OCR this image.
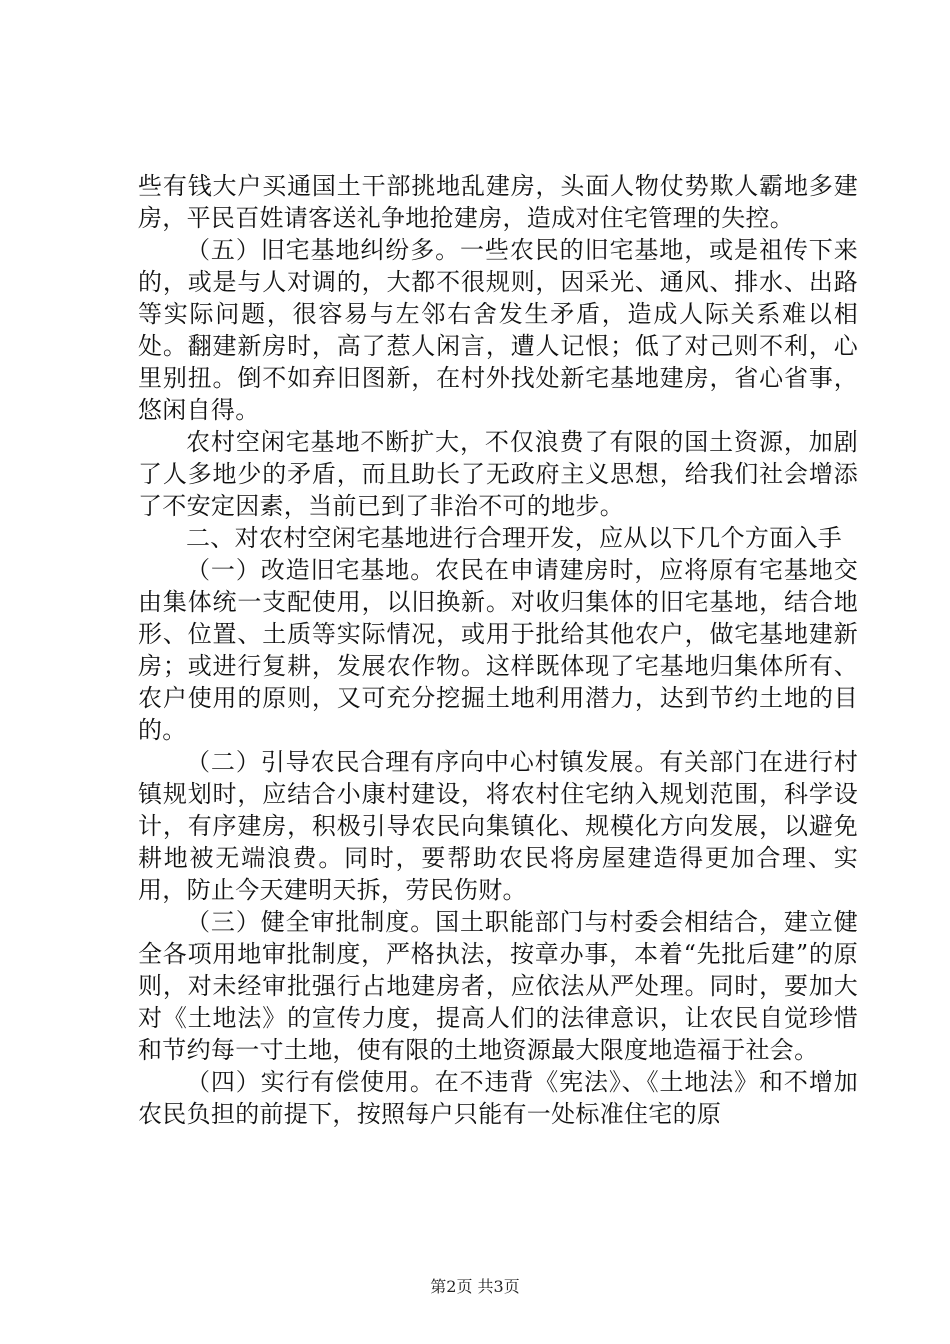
些有钱大户买通国土干部挑地乱建房，头面人物仗势欺人霸地多建房，平民百姓请客送礼争地抢建房，造成对住宅管理的失控。

（五）旧宅基地纠纷多。一些农民的旧宅基地，或是祖传下来的，或是与人对调的，大都不很规则，因采光、通风、排水、出路等实际问题，很容易与左邻右舍发生矛盾，造成人际关系难以相处。翻建新房时，高了惹人闲言，遭人记恨；低了对己则不利，心里别扭。倒不如弃旧图新，在村外找处新宅基地建房，省心省事，悠闲自得。

农村空闲宅基地不断扩大，不仅浪费了有限的国土资源，加剧了人多地少的矛盾，而且助长了无政府主义思想，给我们社会增添了不安定因素，当前已到了非治不可的地步。

二、对农村空闲宅基地进行合理开发，应从以下几个方面入手

（一）改造旧宅基地。农民在申请建房时，应将原有宅基地交由集体统一支配使用，以旧换新。对收归集体的旧宅基地，结合地形、位置、土质等实际情况，或用于批给其他农户，做宅基地建新房；或进行复耕，发展农作物。这样既体现了宅基地归集体所有、农户使用的原则，又可充分挖掘土地利用潜力，达到节约土地的目的。

（二）引导农民合理有序向中心村镇发展。有关部门在进行村镇规划时，应结合小康村建设，将农村住宅纳入规划范围，科学设计，有序建房，积极引导农民向集镇化、规模化方向发展，以避免耕地被无端浪费。同时，要帮助农民将房屋建造得更加合理、实用，防止今天建明天拆，劳民伤财。

（三）健全审批制度。国土职能部门与村委会相结合，建立健全各项用地审批制度，严格执法，按章办事，本着“先批后建”的原则，对未经审批强行占地建房者，应依法从严处理。同时，要加大对《土地法》的宣传力度，提高人们的法律意识，让农民自觉珍惜和节约每一寸土地，使有限的土地资源最大限度地造福于社会。

（四）实行有偿使用。在不违背《宪法》、《土地法》和不增加农民负担的前提下，按照每户只能有一处标准住宅的原

第2页 共3页
